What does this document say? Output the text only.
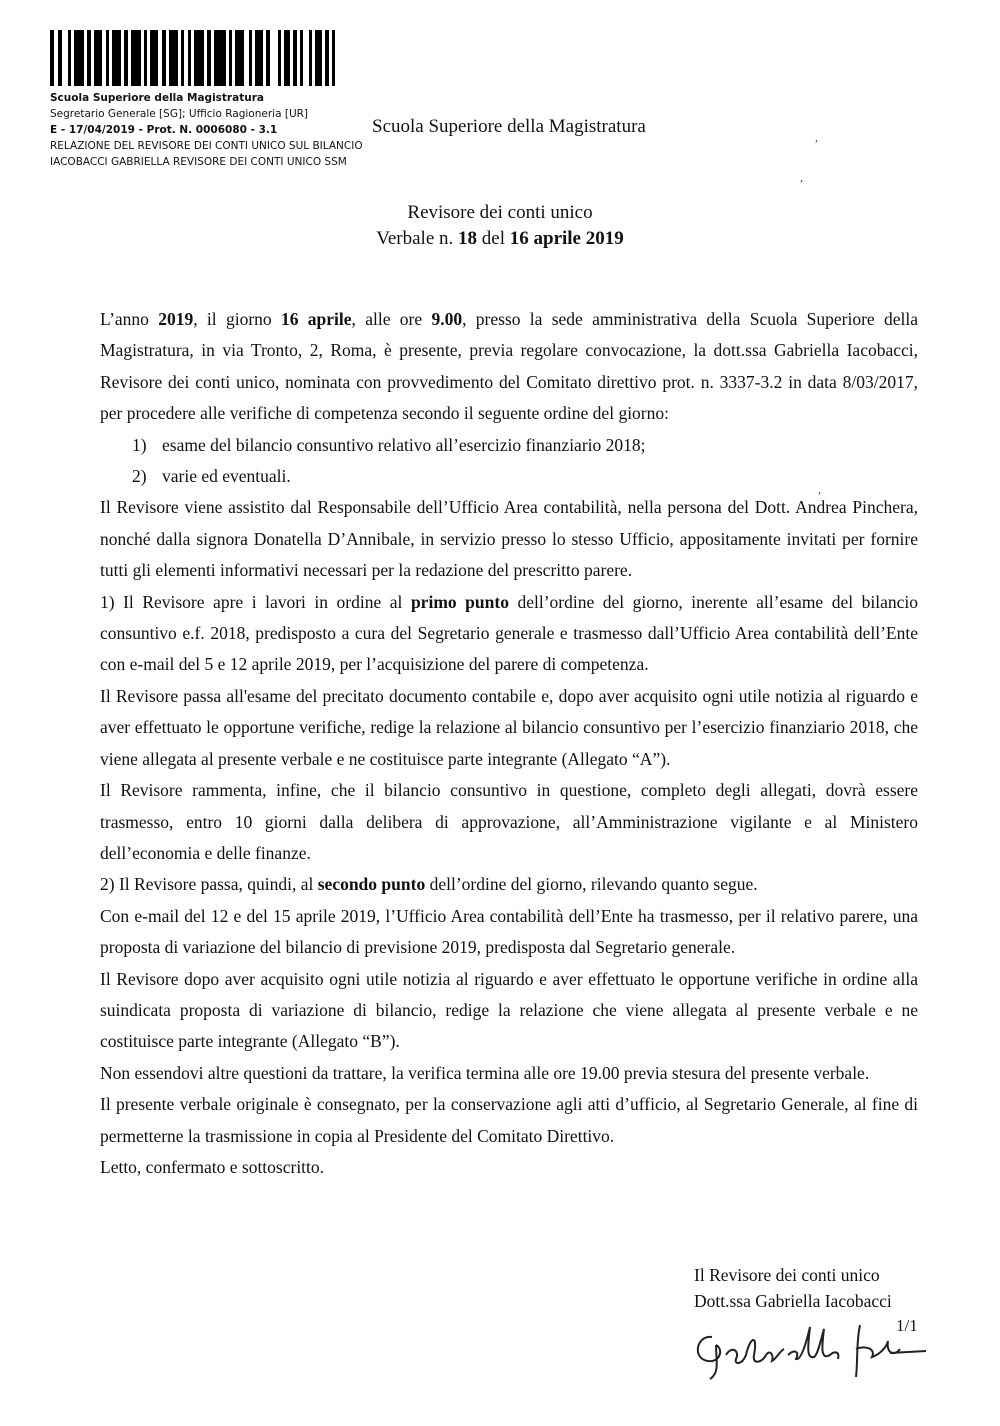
Scuola Superiore della Magistratura
Segretario Generale [SG]; Ufficio Ragioneria [UR]
E - 17/04/2019 - Prot. N. 0006080 - 3.1
RELAZIONE DEL REVISORE DEI CONTI UNICO SUL BILANCIO
IACOBACCI GABRIELLA REVISORE DEI CONTI UNICO SSM
Scuola Superiore della Magistratura
Revisore dei conti unico
Verbale n. 18 del 16 aprile 2019

L’anno 2019, il giorno 16 aprile, alle ore 9.00, presso la sede amministrativa della Scuola Superiore della Magistratura, in via Tronto, 2, Roma, è presente, previa regolare convocazione, la dott.ssa Gabriella Iacobacci, Revisore dei conti unico, nominata con provvedimento del Comitato direttivo prot. n. 3337-3.2 in data 8/03/2017, per procedere alle verifiche di competenza secondo il seguente ordine del giorno:

1) esame del bilancio consuntivo relativo all’esercizio finanziario 2018;

2) varie ed eventuali.

Il Revisore viene assistito dal Responsabile dell’Ufficio Area contabilità, nella persona del Dott. Andrea Pinchera, nonché dalla signora Donatella D’Annibale, in servizio presso lo stesso Ufficio, appositamente invitati per fornire tutti gli elementi informativi necessari per la redazione del prescritto parere.

1) Il Revisore apre i lavori in ordine al primo punto dell’ordine del giorno, inerente all’esame del bilancio consuntivo e.f. 2018, predisposto a cura del Segretario generale e trasmesso dall’Ufficio Area contabilità dell’Ente con e-mail del 5 e 12 aprile 2019, per l’acquisizione del parere di competenza.

Il Revisore passa all'esame del precitato documento contabile e, dopo aver acquisito ogni utile notizia al riguardo e aver effettuato le opportune verifiche, redige la relazione al bilancio consuntivo per l’esercizio finanziario 2018, che viene allegata al presente verbale e ne costituisce parte integrante (Allegato “A”).

Il Revisore rammenta, infine, che il bilancio consuntivo in questione, completo degli allegati, dovrà essere trasmesso, entro 10 giorni dalla delibera di approvazione, all’Amministrazione vigilante e al Ministero dell’economia e delle finanze.

2) Il Revisore passa, quindi, al secondo punto dell’ordine del giorno, rilevando quanto segue.

Con e-mail del 12 e del 15 aprile 2019, l’Ufficio Area contabilità dell’Ente ha trasmesso, per il relativo parere, una proposta di variazione del bilancio di previsione 2019, predisposta dal Segretario generale.

Il Revisore dopo aver acquisito ogni utile notizia al riguardo e aver effettuato le opportune verifiche in ordine alla suindicata proposta di variazione di bilancio, redige la relazione che viene allegata al presente verbale e ne costituisce parte integrante (Allegato “B”).

Non essendovi altre questioni da trattare, la verifica termina alle ore 19.00 previa stesura del presente verbale.

Il presente verbale originale è consegnato, per la conservazione agli atti d’ufficio, al Segretario Generale, al fine di permetterne la trasmissione in copia al Presidente del Comitato Direttivo.

Letto, confermato e sottoscritto.

Il Revisore dei conti unico
Dott.ssa Gabriella Iacobacci
1/1
,
,
,
